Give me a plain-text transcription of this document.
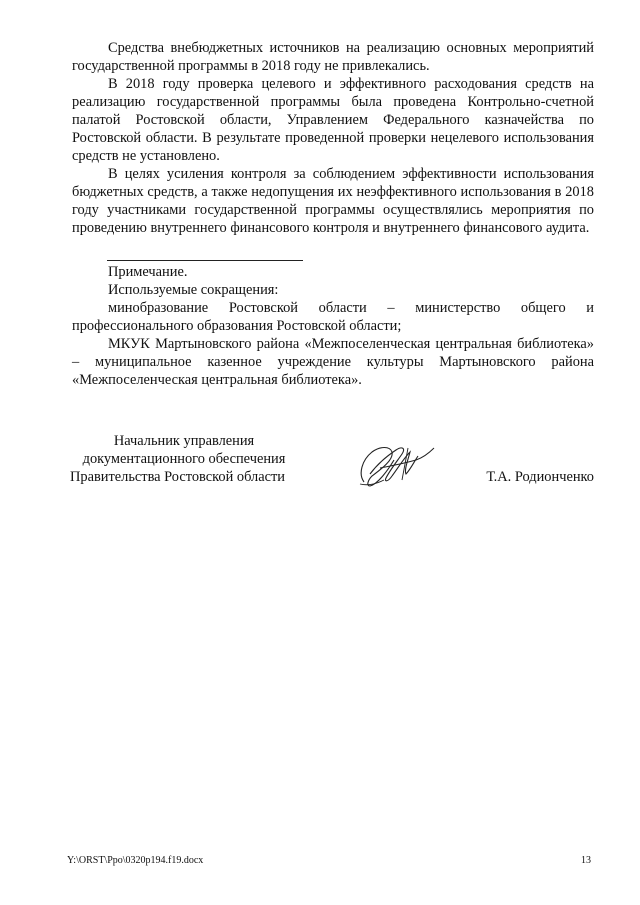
Средства внебюджетных источников на реализацию основных мероприятий государственной программы в 2018 году не привлекались.

В 2018 году проверка целевого и эффективного расходования средств на реализацию государственной программы была проведена Контрольно-счетной палатой Ростовской области, Управлением Федерального казначейства по Ростовской области. В результате проведенной проверки нецелевого использования средств не установлено.

В целях усиления контроля за соблюдением эффективности использования бюджетных средств, а также недопущения их неэффективного использования в 2018 году участниками государственной программы осуществлялись мероприятия по проведению внутреннего финансового контроля и внутреннего финансового аудита.

Примечание.

Используемые сокращения:

минобразование Ростовской области – министерство общего и профессионального образования Ростовской области;

МКУК Мартыновского района «Межпоселенческая центральная библиотека» – муниципальное казенное учреждение культуры Мартыновского района «Межпоселенческая центральная библиотека».

Начальник управления
документационного обеспечения
Правительства Ростовской области	Т.А. Родионченко
Y:\ORST\Ppo\0320p194.f19.docx	13
